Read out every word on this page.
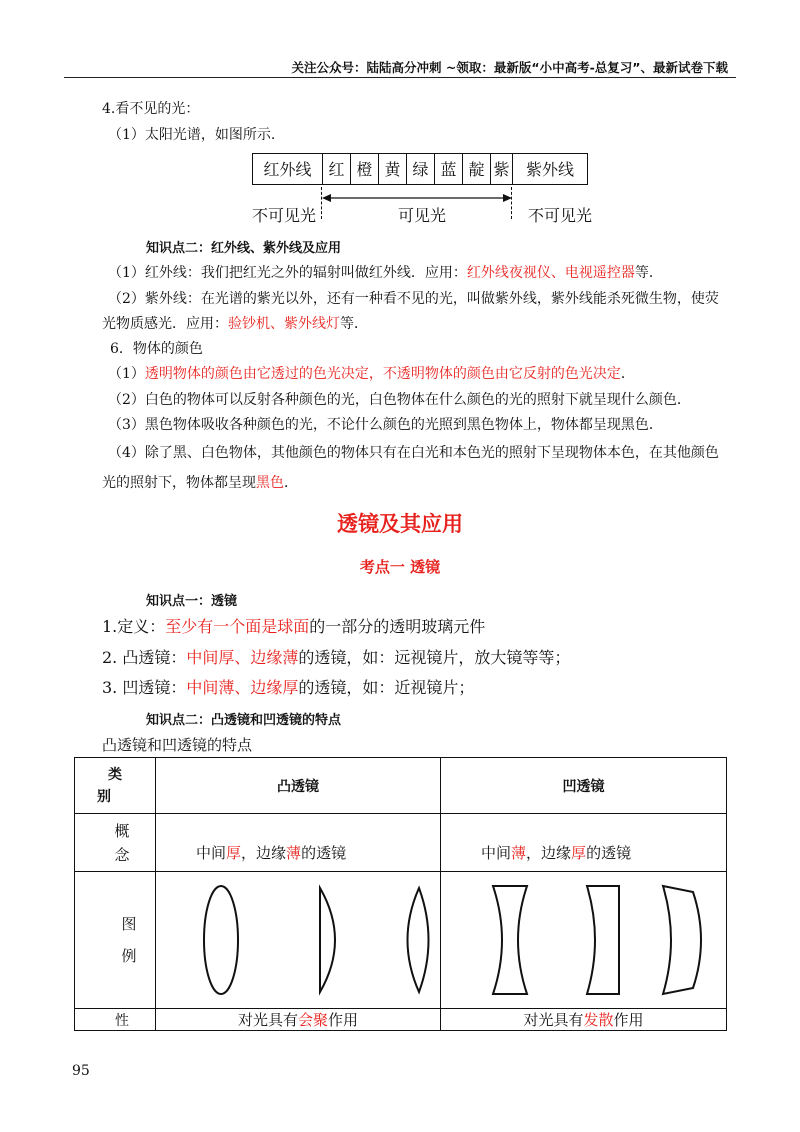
关注公众号：陆陆高分冲刺 ~领取：最新版“小中高考-总复习”、最新试卷下载
4.看不见的光：
（1）太阳光谱，如图所示.
红外线	红 橙 黄 绿 蓝 靛 紫	紫外线
不可见光	可见光	不可见光
知识点二：红外线、紫外线及应用
（1）红外线：我们把红光之外的辐射叫做红外线．应用：红外线夜视仪、电视遥控器等．
（2）紫外线：在光谱的紫光以外，还有一种看不见的光，叫做紫外线，紫外线能杀死微生物，使荧
光物质感光．应用：验钞机、紫外线灯等．
6．物体的颜色
（1）透明物体的颜色由它透过的色光决定，不透明物体的颜色由它反射的色光决定．
（2）白色的物体可以反射各种颜色的光，白色物体在什么颜色的光的照射下就呈现什么颜色．
（3）黑色物体吸收各种颜色的光，不论什么颜色的光照到黑色物体上，物体都呈现黑色．
（4）除了黑、白色物体，其他颜色的物体只有在白光和本色光的照射下呈现物体本色，在其他颜色
光的照射下，物体都呈现黑色．
透镜及其应用
考点一 透镜
知识点一：透镜
1.定义：至少有一个面是球面的一部分的透明玻璃元件
2. 凸透镜：中间厚、边缘薄的透镜，如：远视镜片，放大镜等等；
3. 凹透镜：中间薄、边缘厚的透镜，如：近视镜片；
知识点二：凸透镜和凹透镜的特点
凸透镜和凹透镜的特点
类
别	凸透镜	凹透镜

概
念	中间厚，边缘薄的透镜	中间薄，边缘厚的透镜

图
例

性	对光具有会聚作用	对光具有发散作用
95
